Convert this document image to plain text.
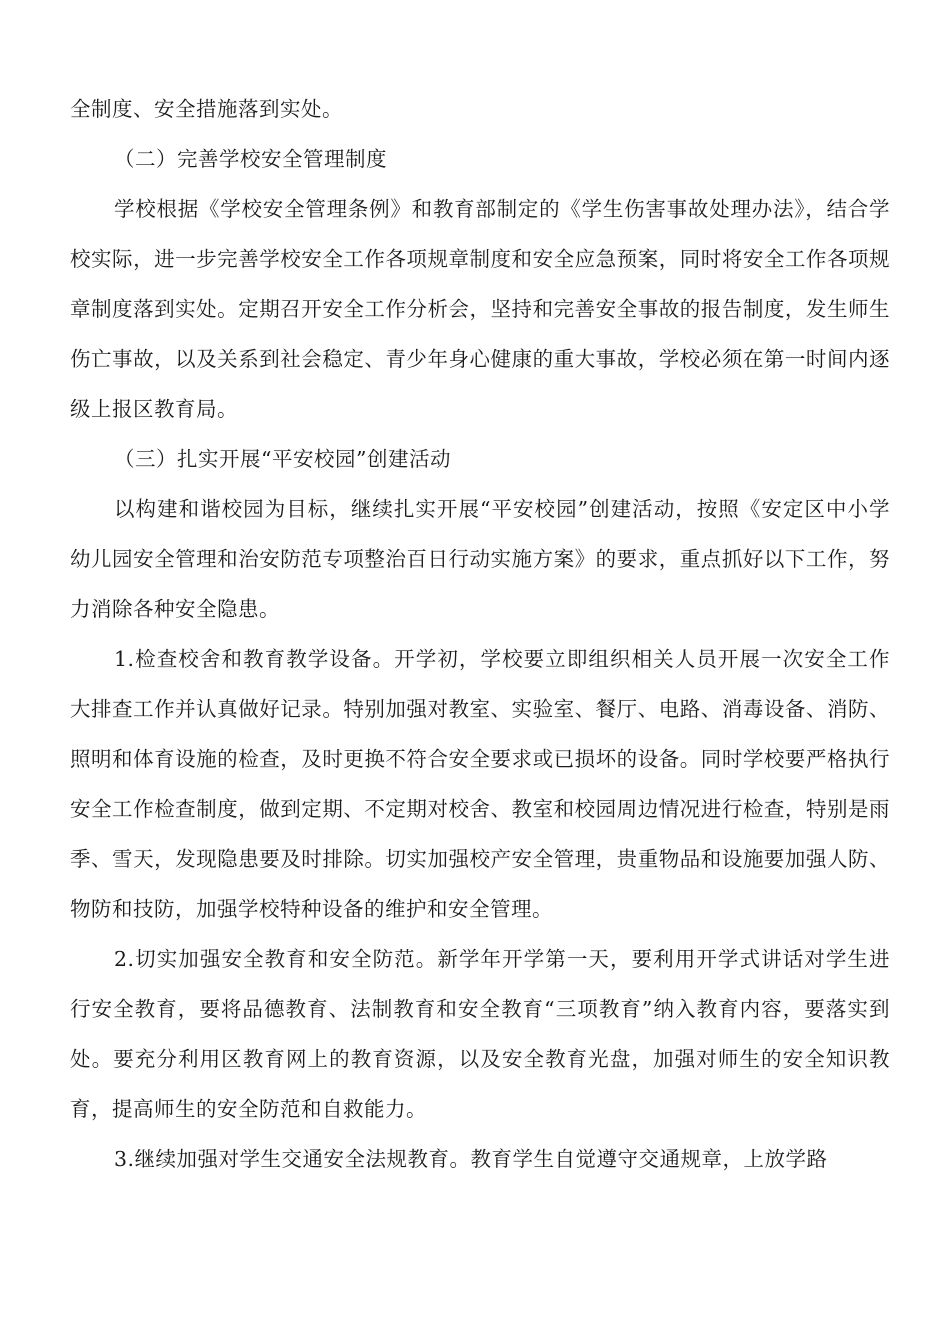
全制度、安全措施落到实处。

（二）完善学校安全管理制度

学校根据《学校安全管理条例》和教育部制定的《学生伤害事故处理办法》，结合学校实际，进一步完善学校安全工作各项规章制度和安全应急预案，同时将安全工作各项规章制度落到实处。定期召开安全工作分析会，坚持和完善安全事故的报告制度，发生师生伤亡事故，以及关系到社会稳定、青少年身心健康的重大事故，学校必须在第一时间内逐级上报区教育局。

（三）扎实开展“平安校园”创建活动

以构建和谐校园为目标，继续扎实开展“平安校园”创建活动，按照《安定区中小学幼儿园安全管理和治安防范专项整治百日行动实施方案》的要求，重点抓好以下工作，努力消除各种安全隐患。

1.检查校舍和教育教学设备。开学初，学校要立即组织相关人员开展一次安全工作大排查工作并认真做好记录。特别加强对教室、实验室、餐厅、电路、消毒设备、消防、照明和体育设施的检查，及时更换不符合安全要求或已损坏的设备。同时学校要严格执行安全工作检查制度，做到定期、不定期对校舍、教室和校园周边情况进行检查，特别是雨季、雪天，发现隐患要及时排除。切实加强校产安全管理，贵重物品和设施要加强人防、物防和技防，加强学校特种设备的维护和安全管理。

2.切实加强安全教育和安全防范。新学年开学第一天，要利用开学式讲话对学生进行安全教育，要将品德教育、法制教育和安全教育“三项教育”纳入教育内容，要落实到处。要充分利用区教育网上的教育资源，以及安全教育光盘，加强对师生的安全知识教育，提高师生的安全防范和自救能力。

3.继续加强对学生交通安全法规教育。教育学生自觉遵守交通规章，上放学路
